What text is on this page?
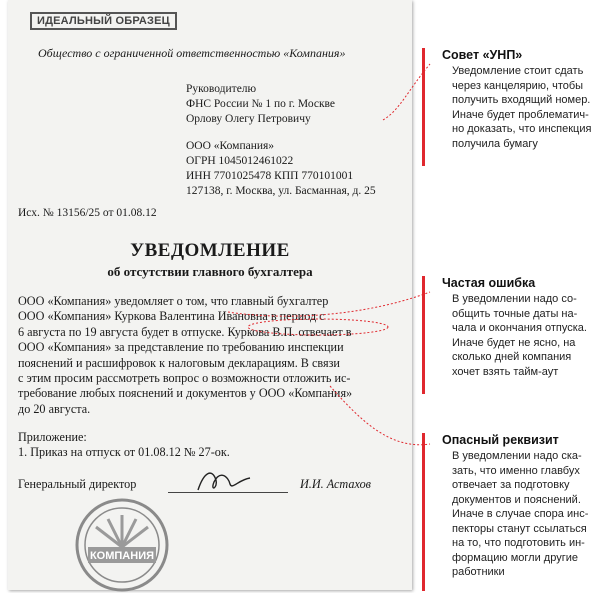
ИДЕАЛЬНЫЙ ОБРАЗЕЦ
Общество с ограниченной ответственностью «Компания»
Руководителю
ФНС России № 1 по г. Москве
Орлову Олегу Петровичу
ООО «Компания»
ОГРН 1045012461022
ИНН 7701025478 КПП 770101001
127138, г. Москва, ул. Басманная, д. 25
Исх. № 13156/25 от 01.08.12
УВЕДОМЛЕНИЕ
об отсутствии главного бухгалтера
ООО «Компания» уведомляет о том, что главный бухгалтер
ООО «Компания» Куркова Валентина Ивановна в период с
6 августа по 19 августа будет в отпуске. Куркова В.П. отвечает в
ООО «Компания» за представление по требованию инспекции
пояснений и расшифровок к налоговым декларациям. В связи
с этим просим рассмотреть вопрос о возможности отложить ис-
требование любых пояснений и документов у ООО «Компания»
до 20 августа.
Приложение:
1. Приказ на отпуск от 01.08.12 № 27-ок.
Генеральный директор	И.И. Астахов
КОМПАНИЯ
Совет «УНП»
Уведомление стоит сдать
через канцелярию, чтобы
получить входящий номер.
Иначе будет проблематич-
но доказать, что инспекция
получила бумагу
Частая ошибка
В уведомлении надо со-
общить точные даты на-
чала и окончания отпуска.
Иначе будет не ясно, на
сколько дней компания
хочет взять тайм-аут
Опасный реквизит
В уведомлении надо ска-
зать, что именно главбух
отвечает за подготовку
документов и пояснений.
Иначе в случае спора инс-
пекторы станут ссылаться
на то, что подготовить ин-
формацию могли другие
работники
